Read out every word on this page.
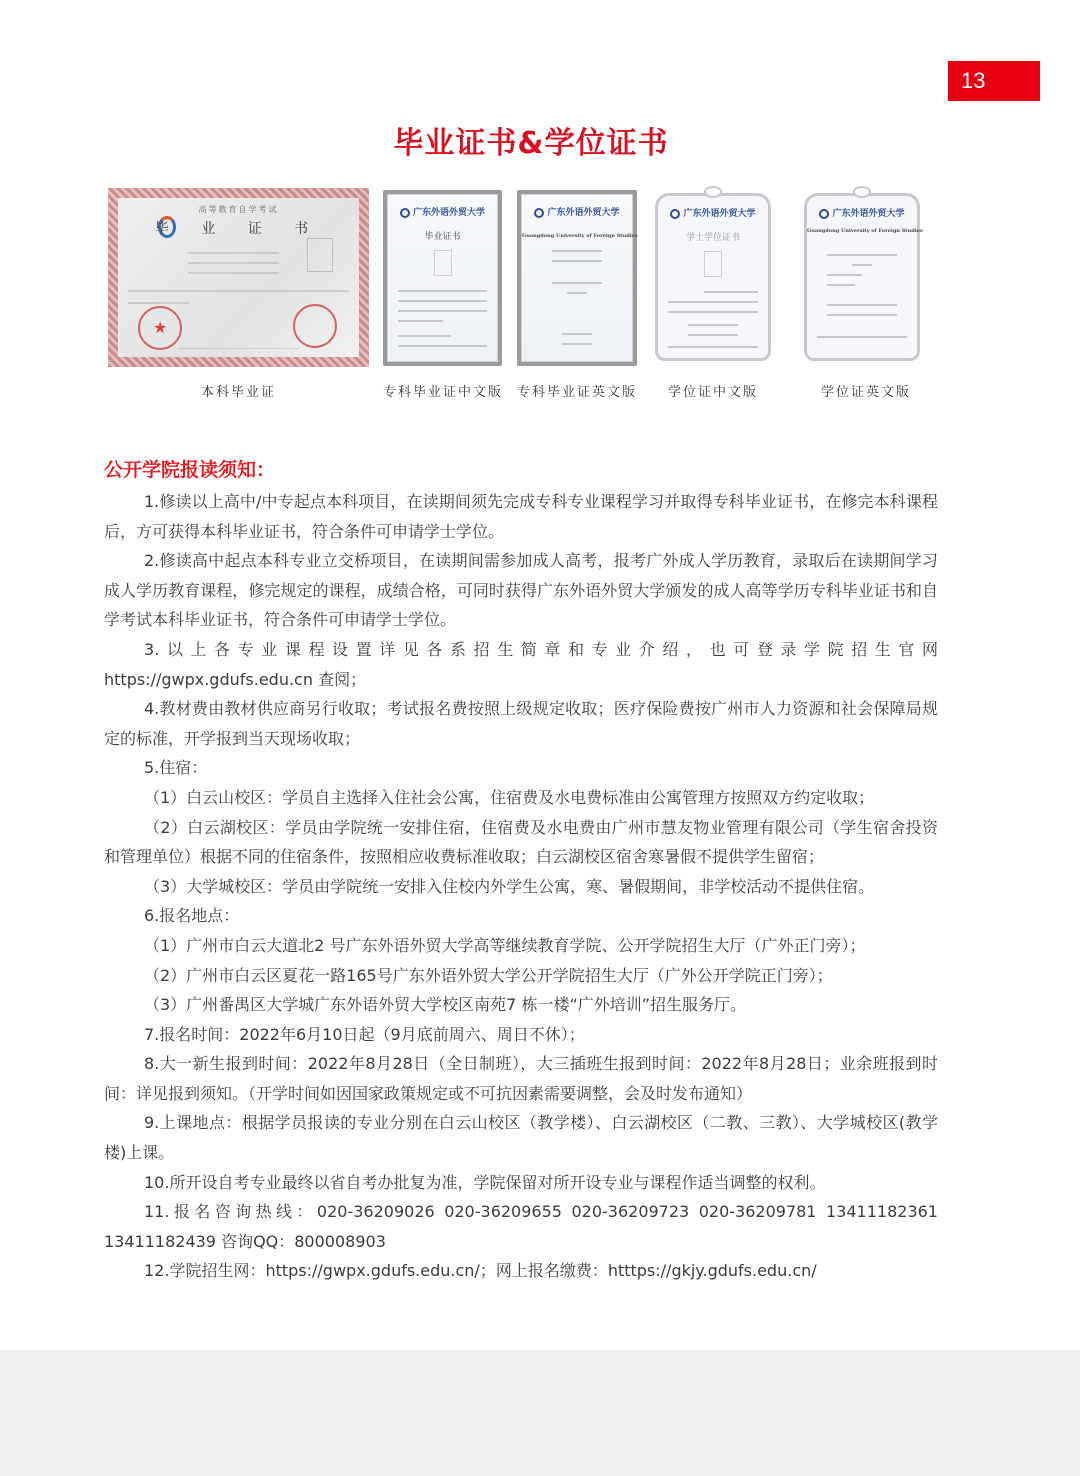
13
毕业证书&学位证书
高等教育自学考试
毕 业 证 书
★
本科毕业证
广东外语外贸大学
毕业证书
专科毕业证中文版
广东外语外贸大学
Guangdong University of Foreign Studies
专科毕业证英文版
广东外语外贸大学
学士学位证书
学位证中文版
广东外语外贸大学
Guangdong University of Foreign Studies
学位证英文版
公开学院报读须知：

1.修读以上高中/中专起点本科项目，在读期间须先完成专科专业课程学习并取得专科毕业证书，在修完本科课程后，方可获得本科毕业证书，符合条件可申请学士学位。

2.修读高中起点本科专业立交桥项目，在读期间需参加成人高考，报考广外成人学历教育，录取后在读期间学习成人学历教育课程，修完规定的课程，成绩合格，可同时获得广东外语外贸大学颁发的成人高等学历专科毕业证书和自学考试本科毕业证书，符合条件可申请学士学位。

3.以上各专业课程设置详见各系招生简章和专业介绍，也可登录学院招生官网

https://gwpx.gdufs.edu.cn 查阅；

4.教材费由教材供应商另行收取；考试报名费按照上级规定收取；医疗保险费按广州市人力资源和社会保障局规定的标准，开学报到当天现场收取；

5.住宿：

（1）白云山校区：学员自主选择入住社会公寓，住宿费及水电费标准由公寓管理方按照双方约定收取；

（2）白云湖校区：学员由学院统一安排住宿，住宿费及水电费由广州市慧友物业管理有限公司（学生宿舍投资和管理单位）根据不同的住宿条件，按照相应收费标准收取；白云湖校区宿舍寒暑假不提供学生留宿；

（3）大学城校区：学员由学院统一安排入住校内外学生公寓，寒、暑假期间，非学校活动不提供住宿。

6.报名地点：

（1）广州市白云大道北2 号广东外语外贸大学高等继续教育学院、公开学院招生大厅（广外正门旁）；

（2）广州市白云区夏花一路165号广东外语外贸大学公开学院招生大厅（广外公开学院正门旁）；

（3）广州番禺区大学城广东外语外贸大学校区南苑7 栋一楼“广外培训”招生服务厅。

7.报名时间：2022年6月10日起（9月底前周六、周日不休）；

8.大一新生报到时间：2022年8月28日（全日制班），大三插班生报到时间：2022年8月28日；业余班报到时间：详见报到须知。（开学时间如因国家政策规定或不可抗因素需要调整，会及时发布通知）

9.上课地点：根据学员报读的专业分别在白云山校区（教学楼）、白云湖校区（二教、三教）、大学城校区(教学楼)上课。

10.所开设自考专业最终以省自考办批复为准，学院保留对所开设专业与课程作适当调整的权利。

11.报名咨询热线：020-36209026 020-36209655 020-36209723 020-36209781 13411182361 13411182439 咨询QQ：800008903

12.学院招生网：https://gwpx.gdufs.edu.cn/；网上报名缴费：htttps://gkjy.gdufs.edu.cn/
